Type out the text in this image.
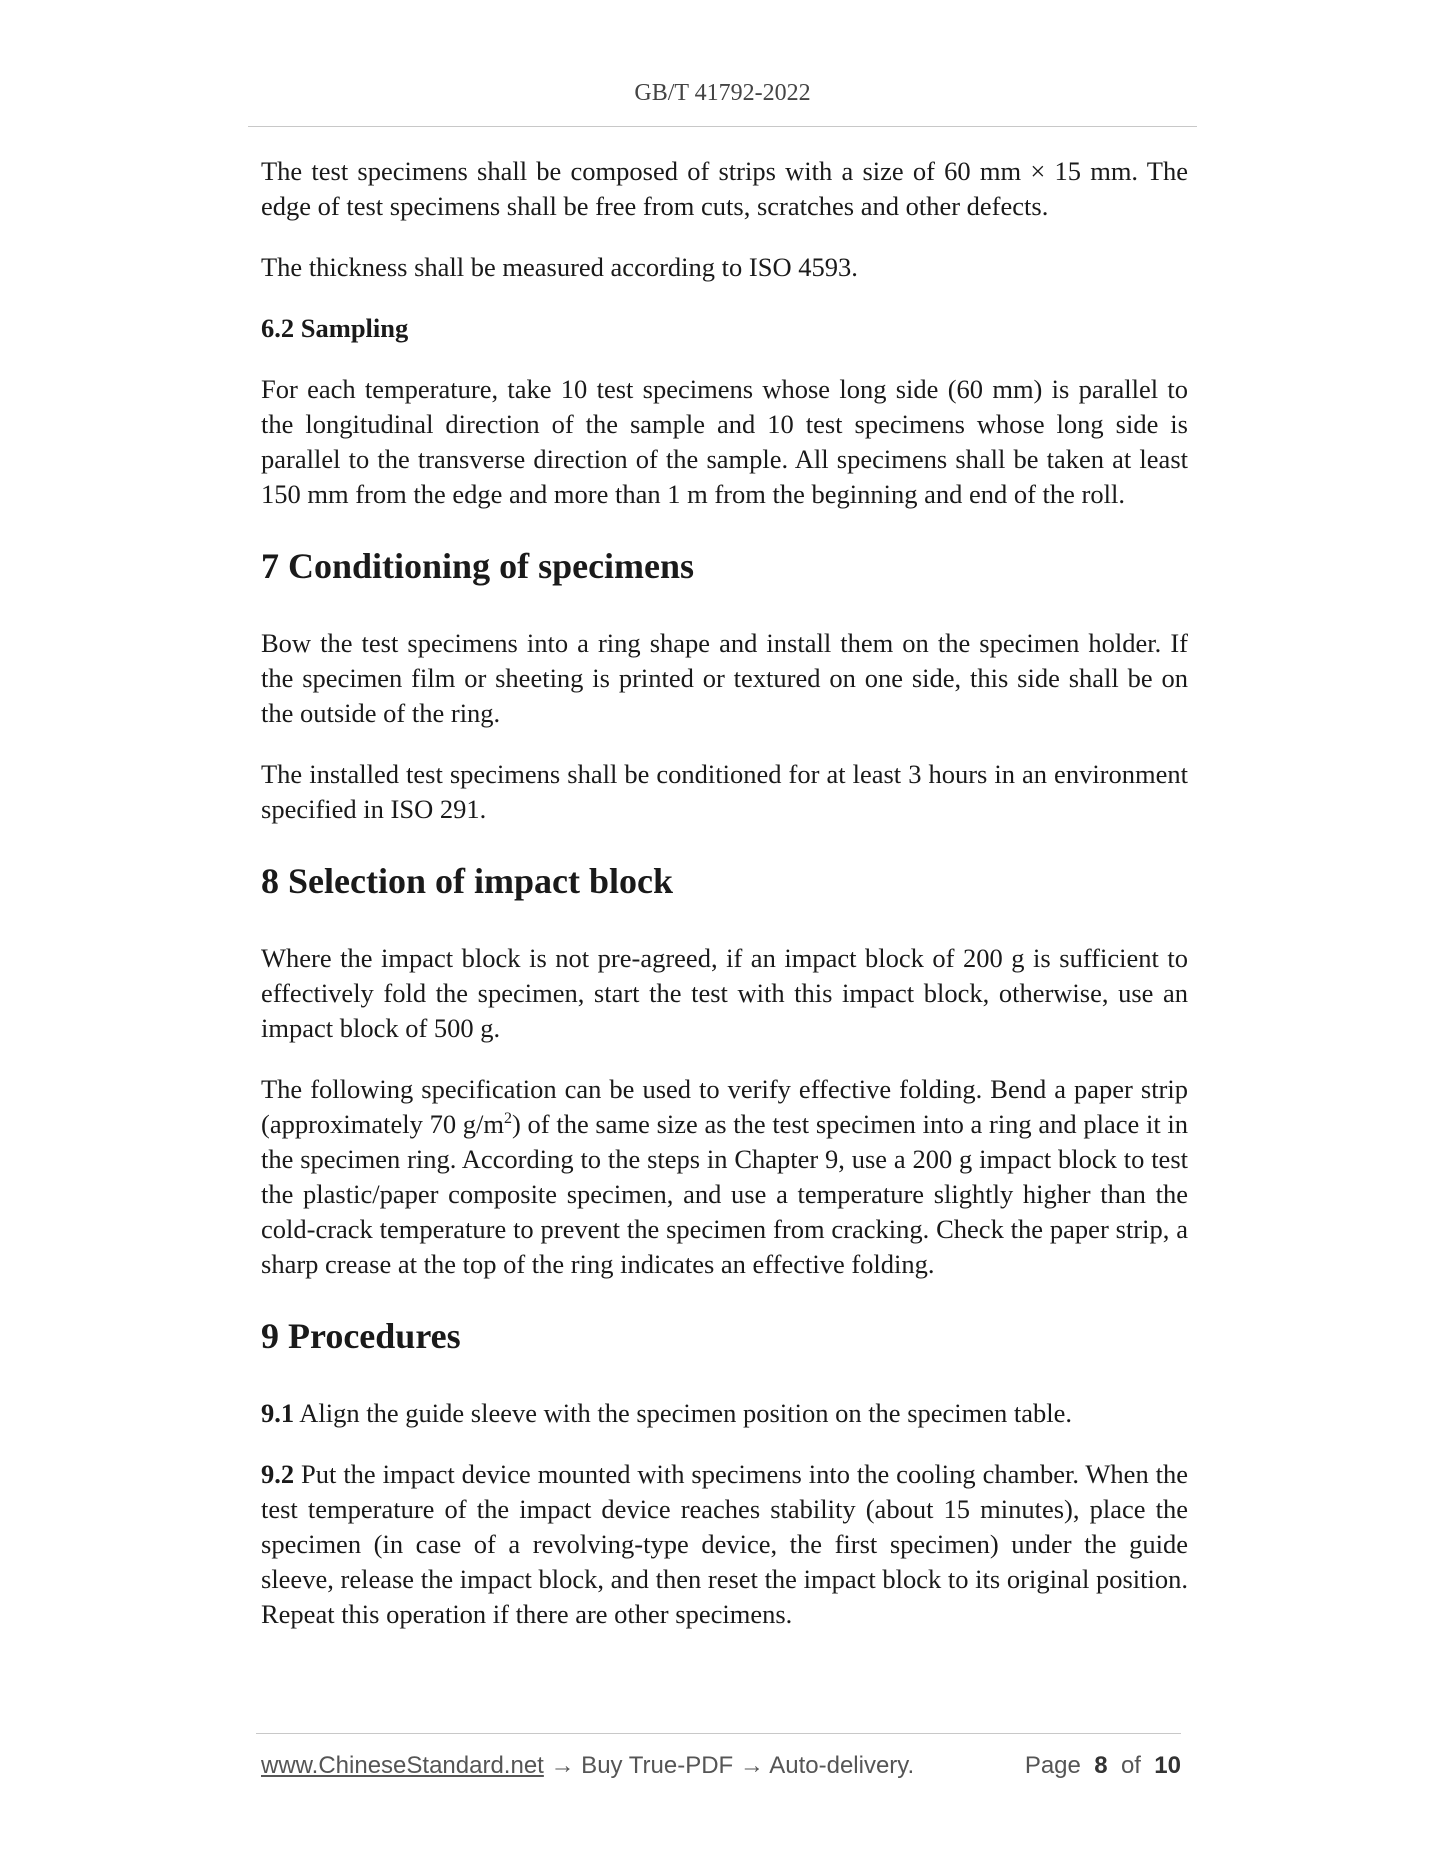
GB/T 41792-2022

The test specimens shall be composed of strips with a size of 60 mm × 15 mm. The edge of test specimens shall be free from cuts, scratches and other defects.

The thickness shall be measured according to ISO 4593.

6.2 Sampling

For each temperature, take 10 test specimens whose long side (60 mm) is parallel to the longitudinal direction of the sample and 10 test specimens whose long side is parallel to the transverse direction of the sample. All specimens shall be taken at least 150 mm from the edge and more than 1 m from the beginning and end of the roll.

7 Conditioning of specimens

Bow the test specimens into a ring shape and install them on the specimen holder. If the specimen film or sheeting is printed or textured on one side, this side shall be on the outside of the ring.

The installed test specimens shall be conditioned for at least 3 hours in an environment specified in ISO 291.

8 Selection of impact block

Where the impact block is not pre-agreed, if an impact block of 200 g is sufficient to effectively fold the specimen, start the test with this impact block, otherwise, use an impact block of 500 g.

The following specification can be used to verify effective folding. Bend a paper strip (approximately 70 $g/m^2$) of the same size as the test specimen into a ring and place it in the specimen ring. According to the steps in Chapter 9, use a 200 g impact block to test the plastic/paper composite specimen, and use a temperature slightly higher than the cold-crack temperature to prevent the specimen from cracking. Check the paper strip, a sharp crease at the top of the ring indicates an effective folding.

9 Procedures

9.1 Align the guide sleeve with the specimen position on the specimen table.

9.2 Put the impact device mounted with specimens into the cooling chamber. When the test temperature of the impact device reaches stability (about 15 minutes), place the specimen (in case of a revolving-type device, the first specimen) under the guide sleeve, release the impact block, and then reset the impact block to its original position. Repeat this operation if there are other specimens.

www.ChineseStandard.net → Buy True-PDF → Auto-delivery.	Page 8 of 10
